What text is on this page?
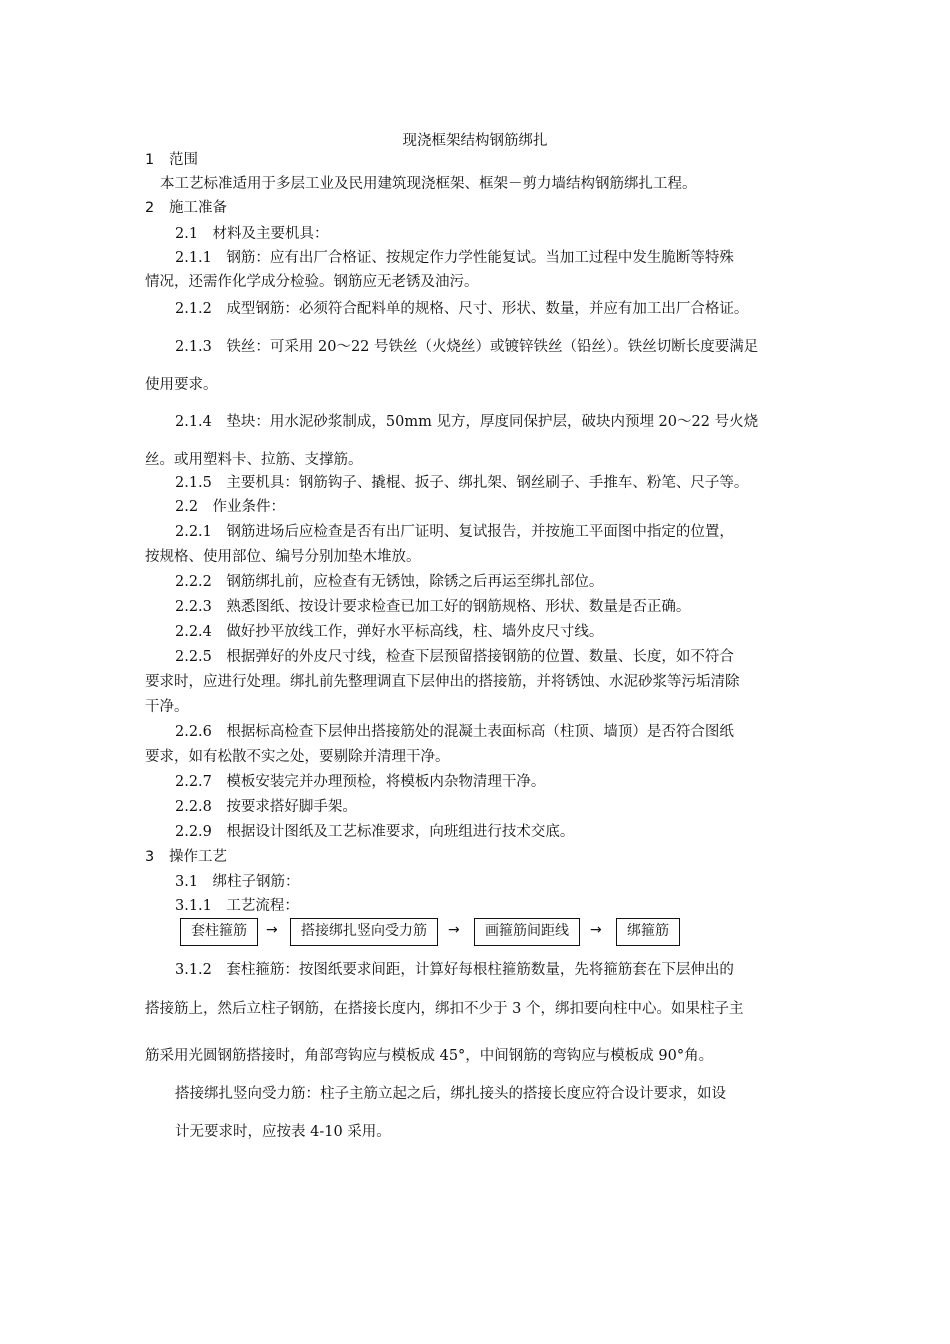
现浇框架结构钢筋绑扎
1 范围
本工艺标准适用于多层工业及民用建筑现浇框架、框架－剪力墙结构钢筋绑扎工程。
2 施工准备
2.1　材料及主要机具：
2.1.1　钢筋：应有出厂合格证、按规定作力学性能复试。当加工过程中发生脆断等特殊
情况，还需作化学成分检验。钢筋应无老锈及油污。
2.1.2　成型钢筋：必须符合配料单的规格、尺寸、形状、数量，并应有加工出厂合格证。
2.1.3　铁丝：可采用 20～22 号铁丝（火烧丝）或镀锌铁丝（铅丝）。铁丝切断长度要满足
使用要求。
2.1.4　垫块：用水泥砂浆制成，50mm 见方，厚度同保护层，破块内预埋 20～22 号火烧
丝。或用塑料卡、拉筋、支撑筋。
2.1.5　主要机具：钢筋钩子、撬棍、扳子、绑扎架、钢丝刷子、手推车、粉笔、尺子等。
2.2　作业条件：
2.2.1　钢筋进场后应检查是否有出厂证明、复试报告，并按施工平面图中指定的位置，
按规格、使用部位、编号分别加垫木堆放。
2.2.2　钢筋绑扎前，应检查有无锈蚀，除锈之后再运至绑扎部位。
2.2.3　熟悉图纸、按设计要求检查已加工好的钢筋规格、形状、数量是否正确。
2.2.4　做好抄平放线工作，弹好水平标高线，柱、墙外皮尺寸线。
2.2.5　根据弹好的外皮尺寸线，检查下层预留搭接钢筋的位置、数量、长度，如不符合
要求时，应进行处理。绑扎前先整理调直下层伸出的搭接筋，并将锈蚀、水泥砂浆等污垢清除
干净。
2.2.6　根据标高检查下层伸出搭接筋处的混凝土表面标高（柱顶、墙顶）是否符合图纸
要求，如有松散不实之处，要剔除并清理干净。
2.2.7　模板安装完并办理预检，将模板内杂物清理干净。
2.2.8　按要求搭好脚手架。
2.2.9　根据设计图纸及工艺标准要求，向班组进行技术交底。
3 操作工艺
3.1　绑柱子钢筋：
3.1.1　工艺流程：
套柱箍筋	→	搭接绑扎竖向受力筋	→	画箍筋间距线	→	绑箍筋
3.1.2　套柱箍筋：按图纸要求间距，计算好每根柱箍筋数量，先将箍筋套在下层伸出的
搭接筋上，然后立柱子钢筋，在搭接长度内，绑扣不少于 3 个，绑扣要向柱中心。如果柱子主
筋采用光圆钢筋搭接时，角部弯钩应与模板成 45°，中间钢筋的弯钩应与模板成 90°角。
搭接绑扎竖向受力筋：柱子主筋立起之后，绑扎接头的搭接长度应符合设计要求，如设
计无要求时，应按表 4-10 采用。
